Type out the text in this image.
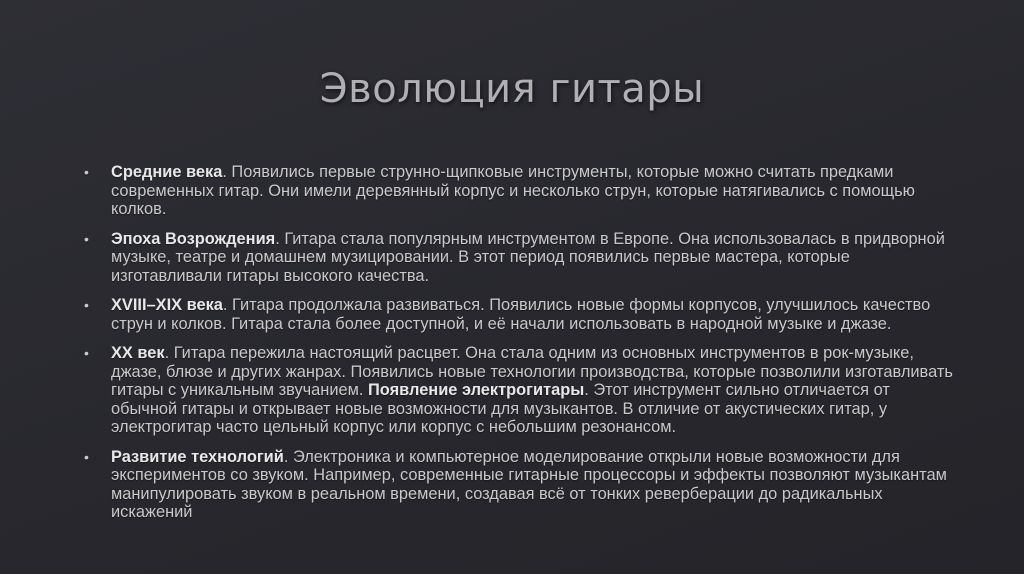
Эволюция гитары
• Средние века. Появились первые струнно-щипковые инструменты, которые можно считать предками современных гитар. Они имели деревянный корпус и несколько струн, которые натягивались с помощью колков.
• Эпоха Возрождения. Гитара стала популярным инструментом в Европе. Она использовалась в придворной музыке, театре и домашнем музицировании. В этот период появились первые мастера, которые изготавливали гитары высокого качества.
• XVIII–XIX века. Гитара продолжала развиваться. Появились новые формы корпусов, улучшилось качество струн и колков. Гитара стала более доступной, и её начали использовать в народной музыке и джазе.
• XX век. Гитара пережила настоящий расцвет. Она стала одним из основных инструментов в рок-музыке, джазе, блюзе и других жанрах. Появились новые технологии производства, которые позволили изготавливать гитары с уникальным звучанием. Появление электрогитары. Этот инструмент сильно отличается от обычной гитары и открывает новые возможности для музыкантов. В отличие от акустических гитар, у электрогитар часто цельный корпус или корпус с небольшим резонансом.
• Развитие технологий. Электроника и компьютерное моделирование открыли новые возможности для экспериментов со звуком. Например, современные гитарные процессоры и эффекты позволяют музыкантам манипулировать звуком в реальном времени, создавая всё от тонких реверберации до радикальных искажений
